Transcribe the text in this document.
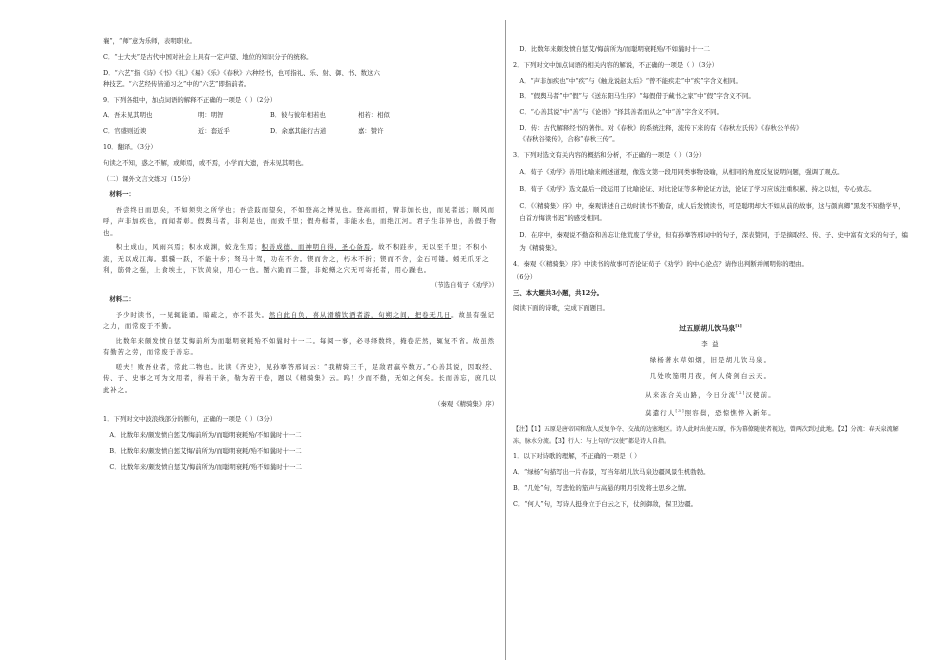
襄”，“师”意为乐师，表明职业。

C．“士大夫”是古代中国对社会上具有一定声望、地位的知识分子的统称。

D．“六艺”指《诗》《书》《礼》《易》《乐》《春秋》六种经书，也可指礼、乐、射、御、书、数这六
种技艺。“六艺经传皆通习之”中的“六艺”即指前者。

9．下列各组中，加点词语的解释不正确的一项是（ ）（2分）

A．吾未见其明也	明：明智	B．彼与彼年相若也	相若：相似
C．官盛则近谀	近：套近乎	D．余嘉其能行古道	嘉：赞许

10．翻译。（3分）

句读之不知，惑之不解，或师焉，或不焉，小学而大遗，吾未见其明也。

（二）课外文言文练习（15分）

材料一：

吾尝终日而思矣，不如须臾之所学也；吾尝跂而望矣，不如登高之博见也。登高而招，臂非加长也，而见者远；顺风而呼，声非加疾也，而闻者彰。假舆马者，非利足也，而致千里；假舟楫者，非能水也，而绝江河。君子生非异也，善假于物也。

积土成山，风雨兴焉；积水成渊，蛟龙生焉；积善成德，而神明自得，圣心备焉。故不积跬步，无以至千里；不积小流，无以成江海。骐骥一跃，不能十步；驽马十驾，功在不舍。锲而舍之，朽木不折；锲而不舍，金石可镂。蚓无爪牙之利，筋骨之强，上食埃土，下饮黄泉，用心一也。蟹六跪而二螯，非蛇鳝之穴无可寄托者，用心躁也。

（节选自荀子《劝学》）

材料二：

予少时读书，一见辄能诵。暗疏之，亦不甚失。然自此自负，喜从滑稽饮酒者游，旬朔之间，把卷无几日。故虽有强记之力，而常废于不勤。

比数年来颇发愤自惩艾悔前所为而聪明衰耗殆不如曩时十一二。每阅一事，必寻绎数终，掩卷茫然，辄复不省。故虽然有勤苦之劳，而常废于善忘。

嗟夫！败吾业者，常此二物也。比读《齐史》，见孙搴答邢词云：“我精骑三千，足敌君羸卒数万。”心善其说，因取经、传、子、史事之可为文用者，得若干条，勒为若干卷，题以《精骑集》云。呜！少而不勤，无如之何矣。长而善忘，庶几以此补之。

（秦观《精骑集》序）

1．下列对文中波浪线部分的断句，正确的一项是（ ）（3分）

A．比数年来/颇发愤自惩艾/悔前所为/而聪明衰耗殆/不如曩时十一二

B．比数年来/颇发愤自惩艾悔/前所为/而聪明衰耗/殆不如曩时十一二

C．比数年来/颇发愤自惩艾/悔前所为/而聪明衰耗/殆不如曩时十一二

D．比数年来颇发愤自惩艾/悔前所为/而聪明衰耗殆/不如曩时十一二

2．下列对文中加点词语的相关内容的解说，不正确的一项是（ ）（3分）

A．“声非加疾也”中“疾”与《触龙说赵太后》“曾不能疾走”中“疾”字含义相同。

B．“假舆马者”中“假”与《送东阳马生序》“每假借于藏书之家”中“假”字含义不同。

C．“心善其说”中“善”与《论语》“择其善者而从之”中“善”字含义不同。

D．传：古代解释经书的著作。对《春秋》的系统注释，流传下来的有《春秋左氏传》《春秋公羊传》
《春秋谷梁传》，合称“春秋三传”。

3．下列对选文有关内容的概括和分析，不正确的一项是（ ）（3分）

A．荀子《劝学》善用比喻来阐述道理，像选文第一段用同类事物设喻，从相同的角度反复说明问题，强调了观点。

B．荀子《劝学》选文最后一段运用了比喻论证、对比论证等多种论证方法，论证了学习应该注重积累、持之以恒，专心致志。

C．《〈精骑集〉序》中，秦观讲述自己幼时读书不勤奋，成人后发愤读书，可是聪明却大不如从前的故事，这与颜真卿“黑发不知勤学早，白首方悔读书迟”的感受相同。

D．在序中，秦观说不勤奋和善忘让他荒废了学业，但有孙搴答邢词中的句子，深表赞同，于是摘取经、传、子、史中富有文采的句子，编为《精骑集》。

4．秦观《〈精骑集〉序》中读书的故事可否论证荀子《劝学》的中心论点？请作出判断并阐明你的理由。

（6分）

三、本大题共3小题，共12分。

阅读下面的诗歌，完成下面题目。

过五原胡儿饮马泉[1]

李 益

绿杨著水草如烟，旧是胡儿饮马泉。

几处吹笳明月夜，何人倚剑白云天。

从来冻合关山路，今日分流[2]汉使前。

莫遣行人[3]照容鬓，恐惊憔悴入新年。

【注】【1】五原是唐帝国和敌人反复争夺、交战的边塞地区。诗人此时出使五原，作为幕僚随使者视边，曾两次到过此地。【2】分流：春天泉流解冻，脉水分流。【3】行人：与上句的“汉使”都是诗人自指。

1．以下对诗歌的理解，不正确的一项是（ ）

A．“绿杨”句描写出一片春景，写当年胡儿饮马泉边疆风景生机勃勃。

B．“几处”句，写悲怆的笳声与高悬的明月引发将士思乡之情。

C．“何人”句，写诗人挺身立于白云之下，仗剑御敌，保卫边疆。
